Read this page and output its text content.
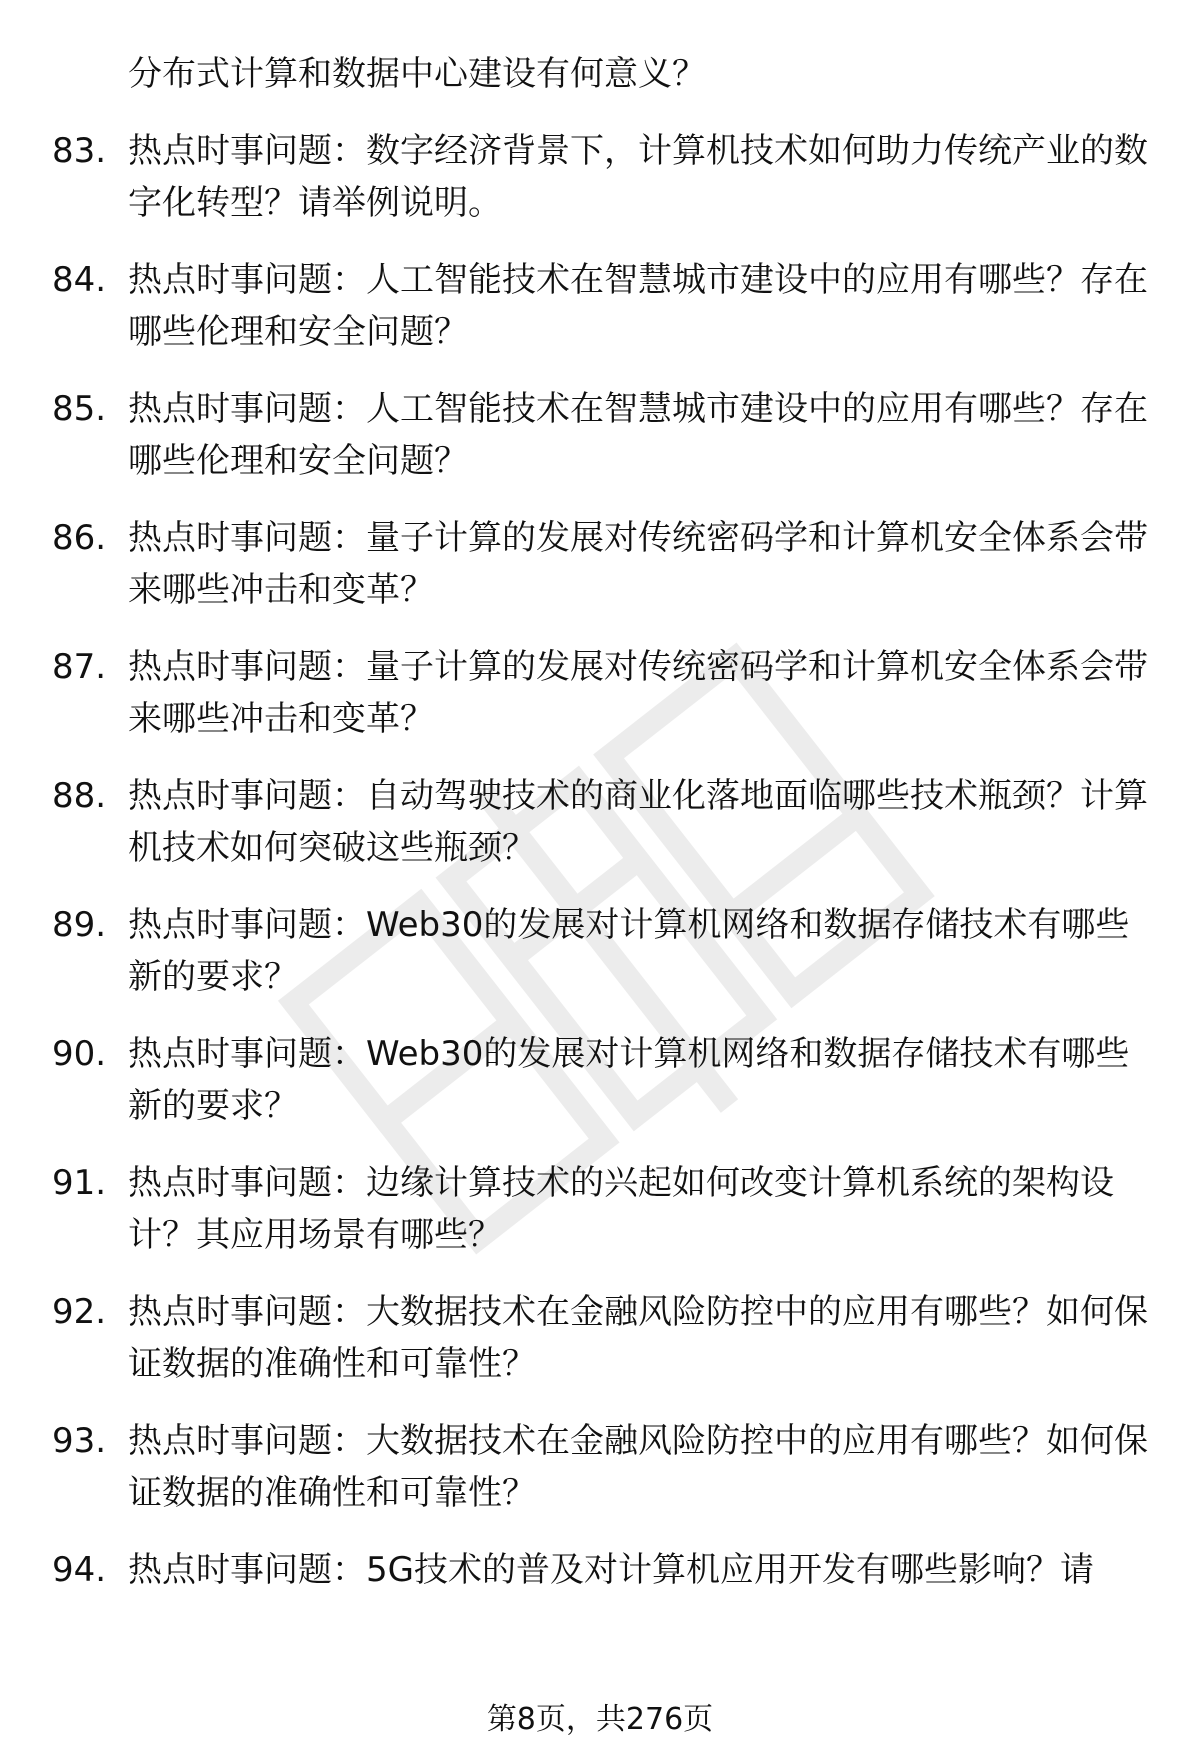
分布式计算和数据中心建设有何意义？
83. 热点时事问题：数字经济背景下，计算机技术如何助力传统产业的数字化转型？请举例说明。
84. 热点时事问题：人工智能技术在智慧城市建设中的应用有哪些？存在哪些伦理和安全问题？
85. 热点时事问题：人工智能技术在智慧城市建设中的应用有哪些？存在哪些伦理和安全问题？
86. 热点时事问题：量子计算的发展对传统密码学和计算机安全体系会带来哪些冲击和变革？
87. 热点时事问题：量子计算的发展对传统密码学和计算机安全体系会带来哪些冲击和变革？
88. 热点时事问题：自动驾驶技术的商业化落地面临哪些技术瓶颈？计算机技术如何突破这些瓶颈？
89. 热点时事问题：Web30的发展对计算机网络和数据存储技术有哪些新的要求？
90. 热点时事问题：Web30的发展对计算机网络和数据存储技术有哪些新的要求？
91. 热点时事问题：边缘计算技术的兴起如何改变计算机系统的架构设计？其应用场景有哪些？
92. 热点时事问题：大数据技术在金融风险防控中的应用有哪些？如何保证数据的准确性和可靠性？
93. 热点时事问题：大数据技术在金融风险防控中的应用有哪些？如何保证数据的准确性和可靠性？
94. 热点时事问题：5G技术的普及对计算机应用开发有哪些影响？请
第8页，共276页
